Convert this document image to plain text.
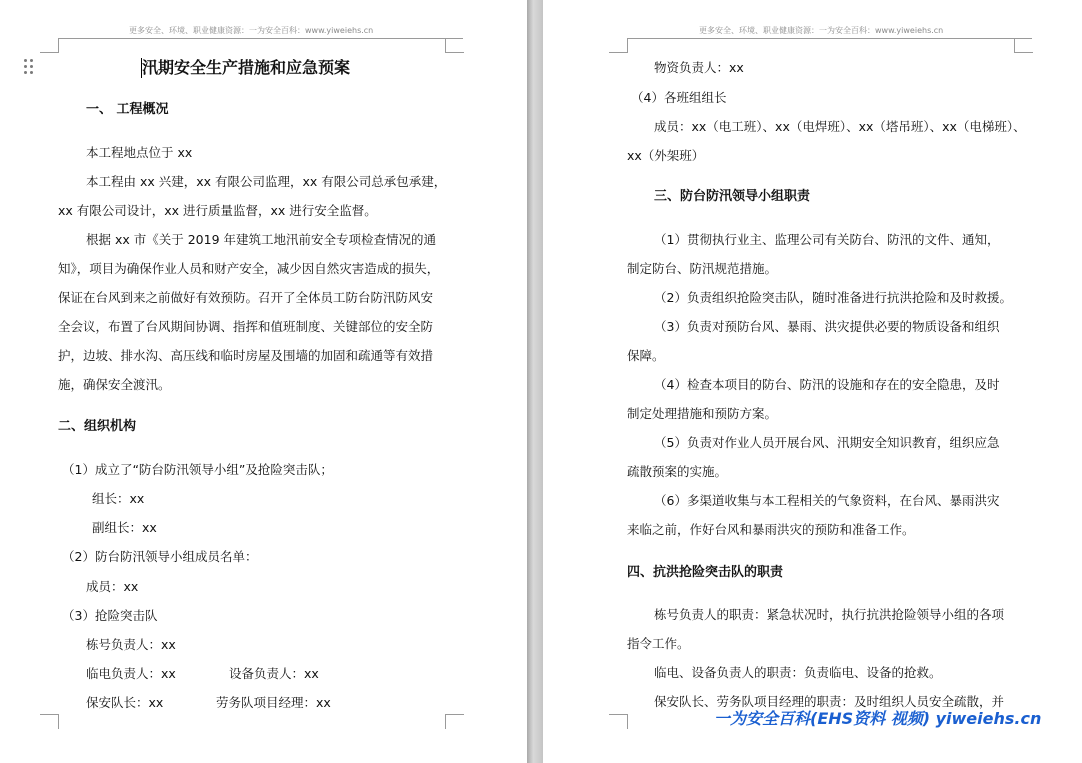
更多安全、环境、职业健康资源：一为安全百科：www.yiweiehs.cn
汛期安全生产措施和应急预案
一、 工程概况
本工程地点位于 xx
本工程由 xx 兴建，xx 有限公司监理，xx 有限公司总承包承建，
xx 有限公司设计，xx 进行质量监督，xx 进行安全监督。
根据 xx 市《关于 2019 年建筑工地汛前安全专项检查情况的通
知》，项目为确保作业人员和财产安全，减少因自然灾害造成的损失，
保证在台风到来之前做好有效预防。召开了全体员工防台防汛防风安
全会议，布置了台风期间协调、指挥和值班制度、关键部位的安全防
护，边坡、排水沟、高压线和临时房屋及围墙的加固和疏通等有效措
施，确保安全渡汛。
二、组织机构
（1）成立了“防台防汛领导小组”及抢险突击队；
组长：xx
副组长：xx
（2）防台防汛领导小组成员名单：
成员：xx
（3）抢险突击队
栋号负责人：xx
临电负责人：xx	设备负责人：xx
保安队长：xx	劳务队项目经理：xx
更多安全、环境、职业健康资源：一为安全百科：www.yiweiehs.cn
物资负责人：xx
（4）各班组组长
成员：xx（电工班）、xx（电焊班）、xx（塔吊班）、xx（电梯班）、
xx（外架班）
三、防台防汛领导小组职责
（1）贯彻执行业主、监理公司有关防台、防汛的文件、通知，
制定防台、防汛规范措施。
（2）负责组织抢险突击队，随时准备进行抗洪抢险和及时救援。
（3）负责对预防台风、暴雨、洪灾提供必要的物质设备和组织
保障。
（4）检查本项目的防台、防汛的设施和存在的安全隐患，及时
制定处理措施和预防方案。
（5）负责对作业人员开展台风、汛期安全知识教育，组织应急
疏散预案的实施。
（6）多渠道收集与本工程相关的气象资料，在台风、暴雨洪灾
来临之前，作好台风和暴雨洪灾的预防和准备工作。
四、抗洪抢险突击队的职责
栋号负责人的职责：紧急状况时，执行抗洪抢险领导小组的各项
指令工作。
临电、设备负责人的职责：负责临电、设备的抢救。
保安队长、劳务队项目经理的职责：及时组织人员安全疏散，并
一为安全百科(EHS资料 视频) yiweiehs.cn
